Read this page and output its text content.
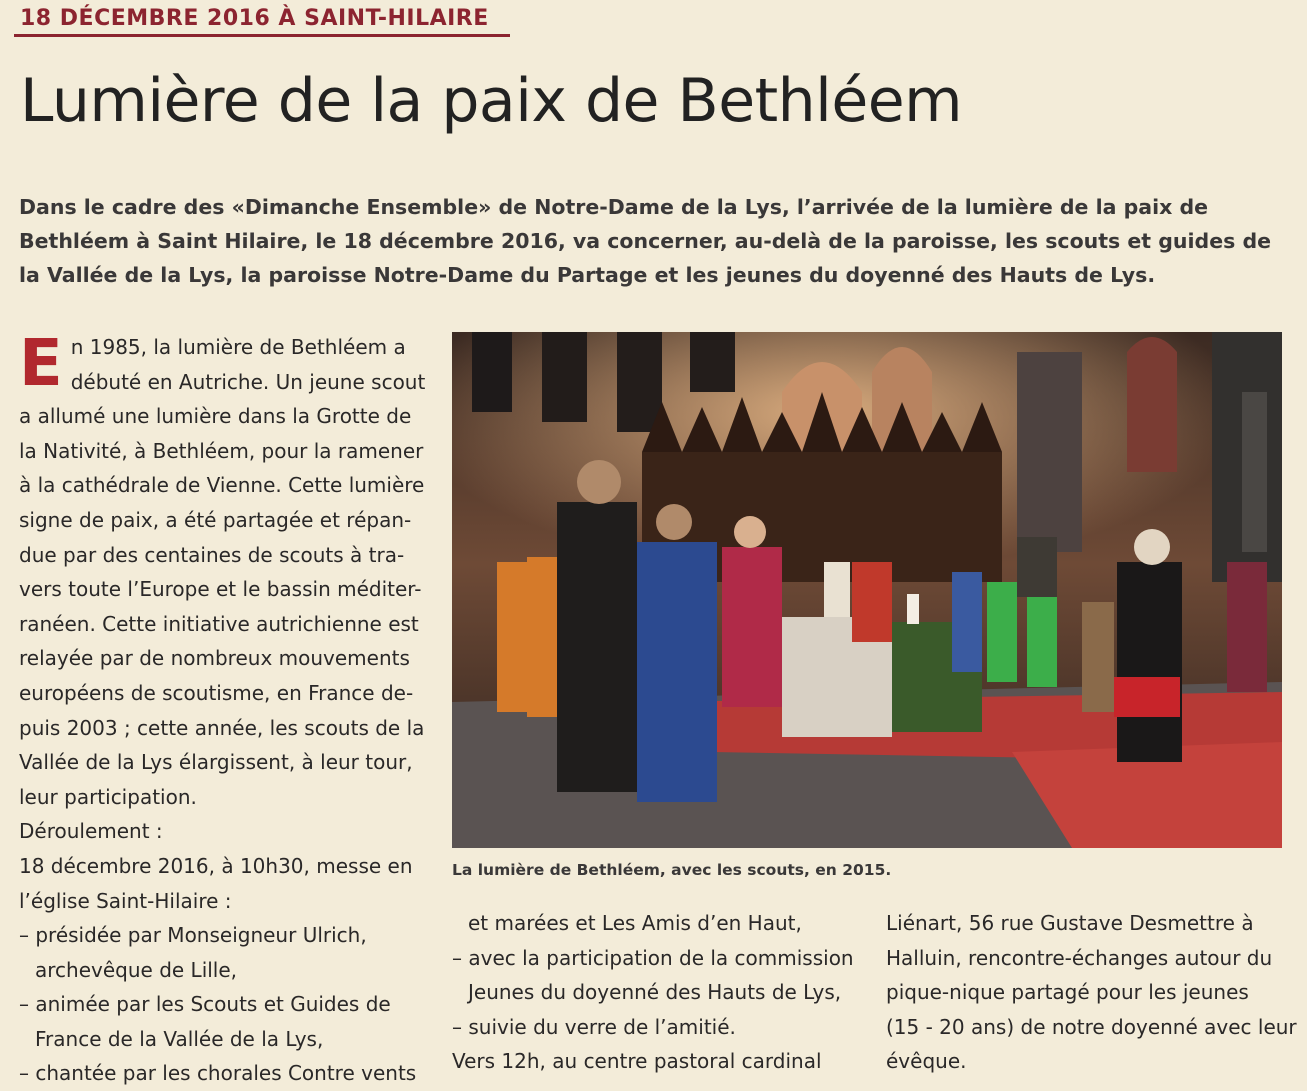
18 DÉCEMBRE 2016 À SAINT-HILAIRE
Lumière de la paix de Bethléem

Dans le cadre des «Dimanche Ensemble» de Notre-Dame de la Lys, l’arrivée de la lumière de la paix de
Bethléem à Saint Hilaire, le 18 décembre 2016, va concerner, au-delà de la paroisse, les scouts et guides de
la Vallée de la Lys, la paroisse Notre-Dame du Partage et les jeunes du doyenné des Hauts de Lys.

E n 1985, la lumière de Bethléem a
débuté en Autriche. Un jeune scout
a allumé une lumière dans la Grotte de
la Nativité, à Bethléem, pour la ramener
à la cathédrale de Vienne. Cette lumière
signe de paix, a été partagée et répan-
due par des centaines de scouts à tra-
vers toute l’Europe et le bassin méditer-
ranéen. Cette initiative autrichienne est
relayée par de nombreux mouvements
européens de scoutisme, en France de-
puis 2003 ; cette année, les scouts de la
Vallée de la Lys élargissent, à leur tour,
leur participation.
Déroulement :
18 décembre 2016, à 10h30, messe en
l’église Saint-Hilaire :
– présidée par Monseigneur Ulrich,
archevêque de Lille,
– animée par les Scouts et Guides de
France de la Vallée de la Lys,
– chantée par les chorales Contre vents
La lumière de Bethléem, avec les scouts, en 2015.
et marées et Les Amis d’en Haut,
– avec la participation de la commission
Jeunes du doyenné des Hauts de Lys,
– suivie du verre de l’amitié.
Vers 12h, au centre pastoral cardinal
Liénart, 56 rue Gustave Desmettre à
Halluin, rencontre-échanges autour du
pique-nique partagé pour les jeunes
(15 - 20 ans) de notre doyenné avec leur
évêque.
